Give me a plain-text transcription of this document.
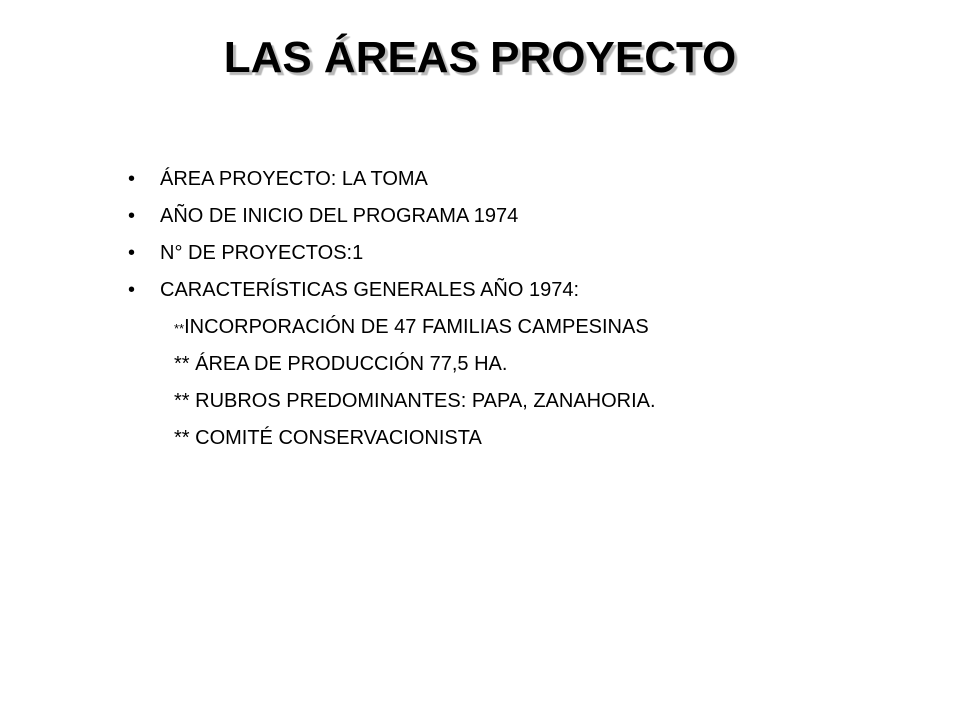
LAS ÁREAS PROYECTO
• ÁREA PROYECTO: LA TOMA
• AÑO DE INICIO DEL PROGRAMA 1974
• N° DE PROYECTOS:1
• CARACTERÍSTICAS GENERALES AÑO 1974:
**INCORPORACIÓN DE 47 FAMILIAS CAMPESINAS
** ÁREA DE PRODUCCIÓN 77,5 HA.
** RUBROS PREDOMINANTES: PAPA, ZANAHORIA.
** COMITÉ CONSERVACIONISTA
